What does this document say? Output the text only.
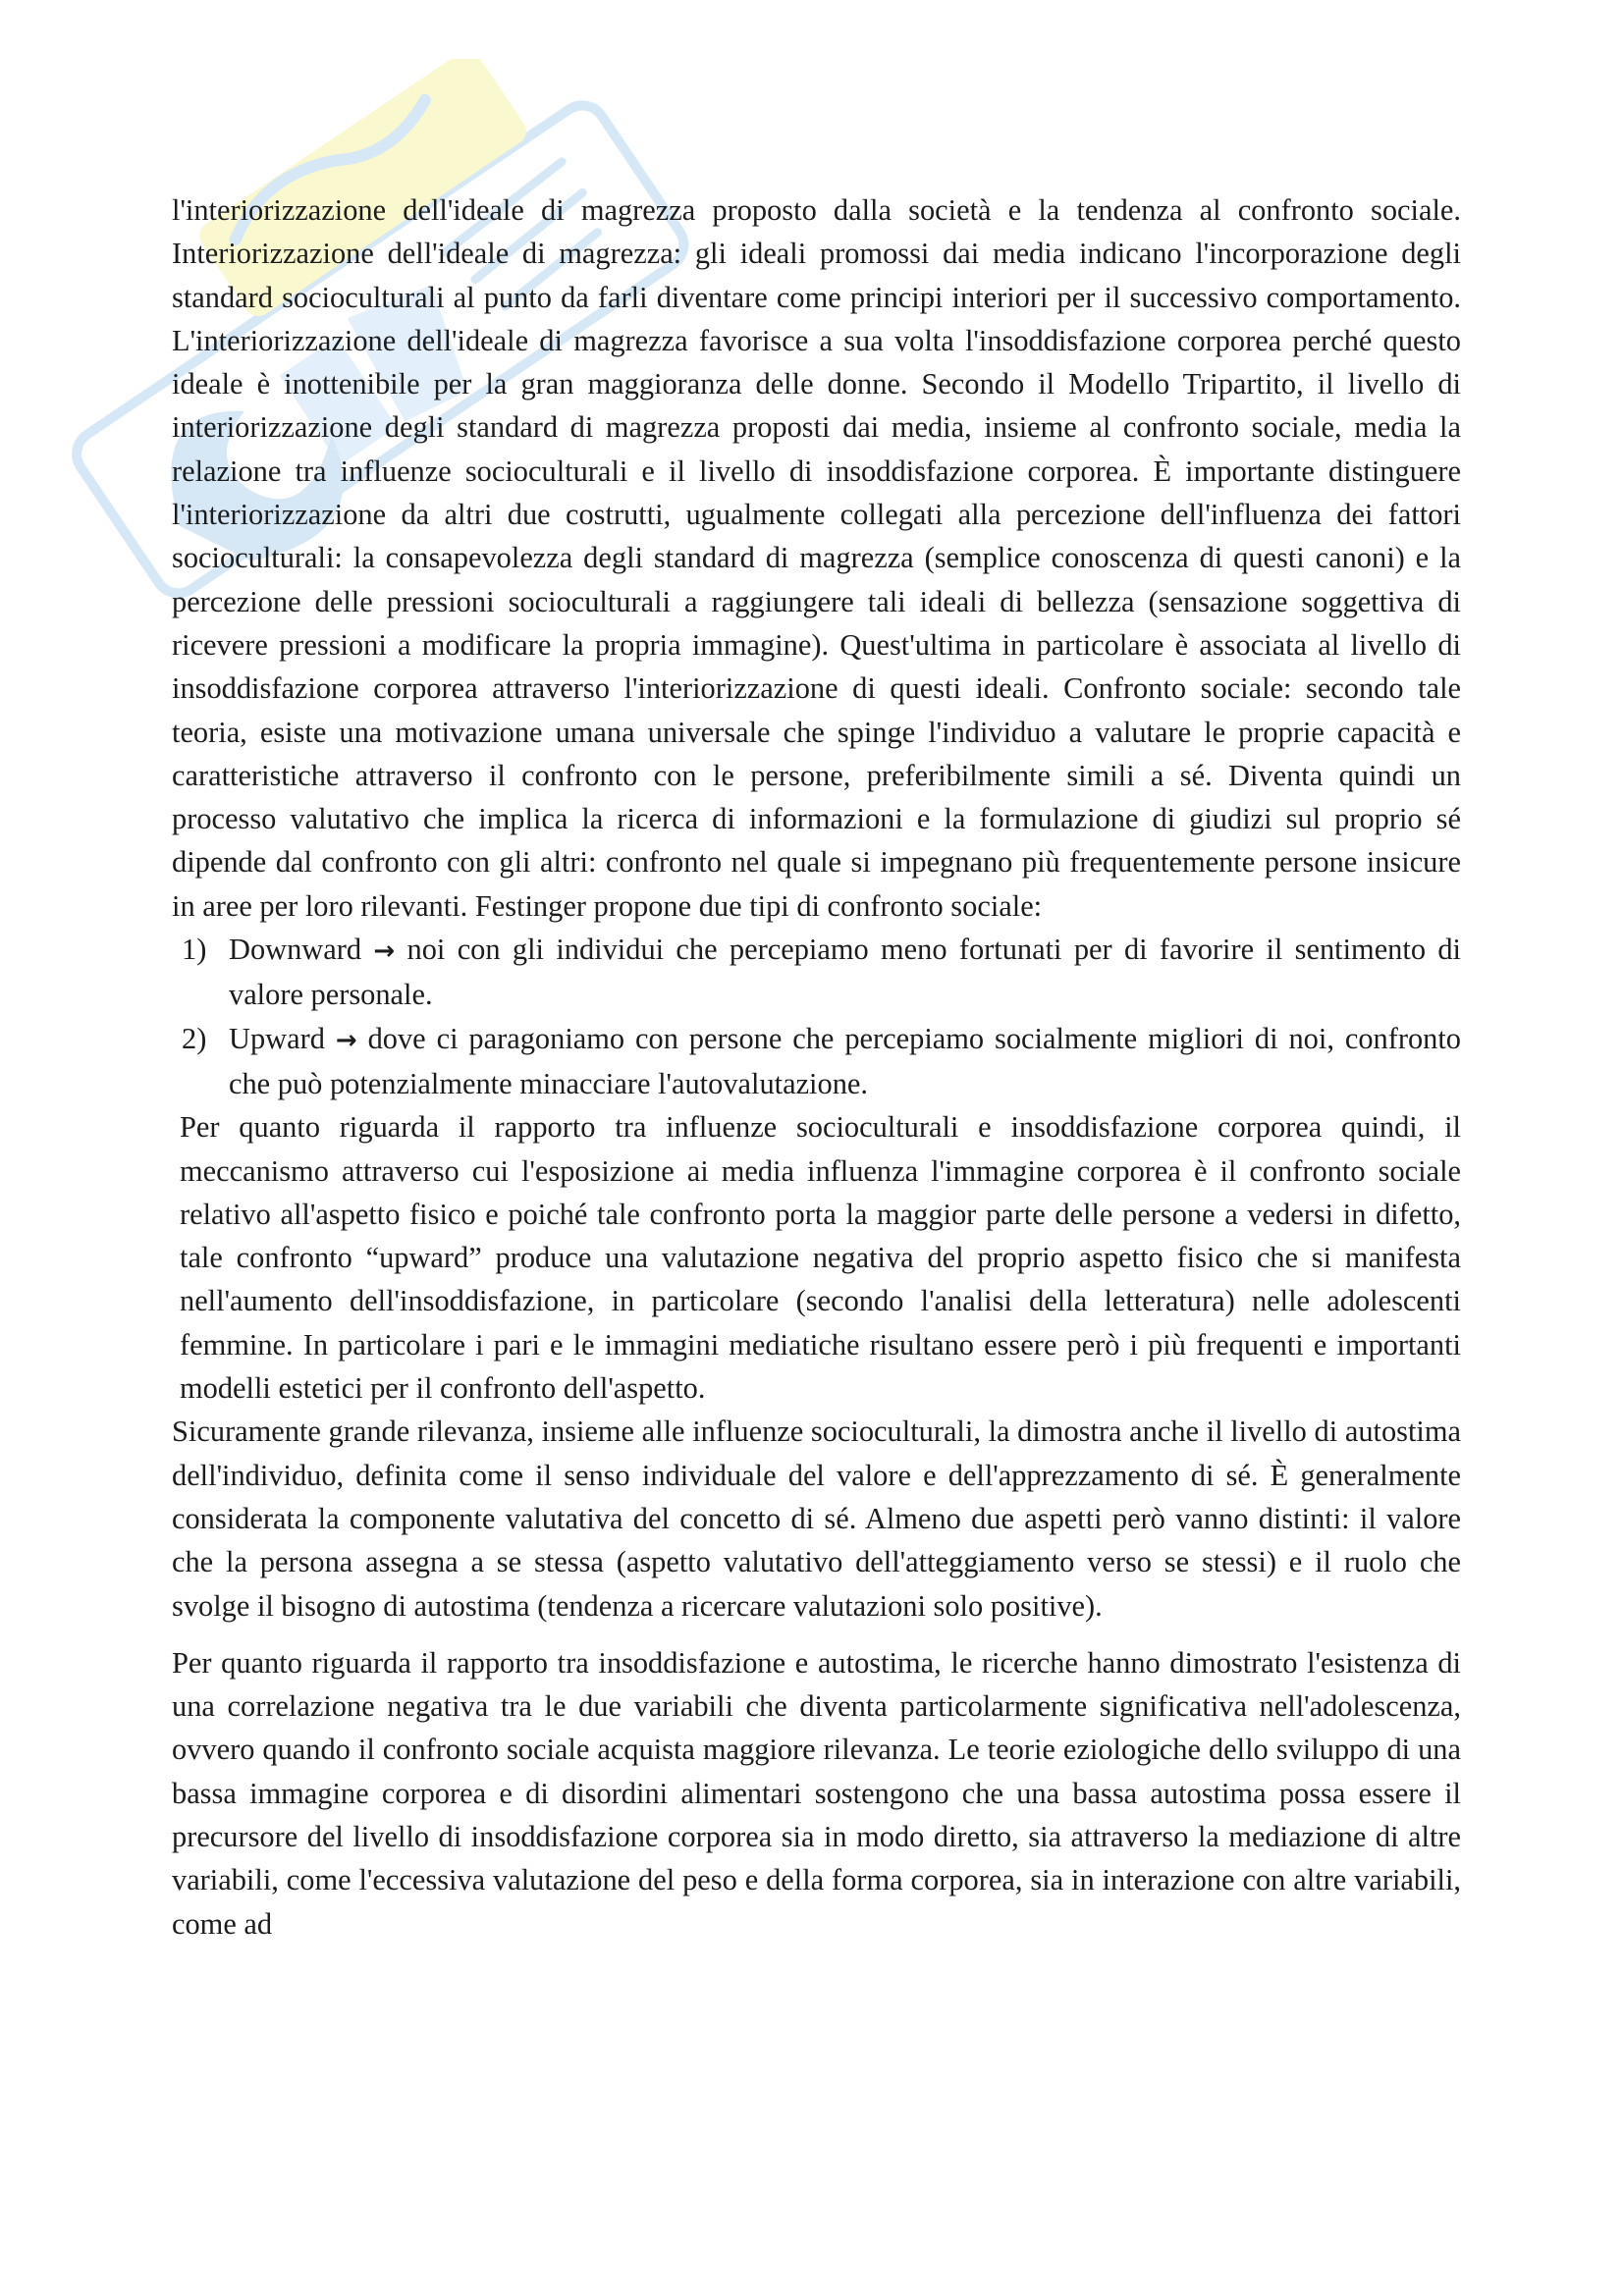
l'interiorizzazione dell'ideale di magrezza proposto dalla società e la tendenza al confronto sociale. Interiorizzazione dell'ideale di magrezza: gli ideali promossi dai media indicano l'incorporazione degli standard socioculturali al punto da farli diventare come principi interiori per il successivo comportamento. L'interiorizzazione dell'ideale di magrezza favorisce a sua volta l'insoddisfazione corporea perché questo ideale è inottenibile per la gran maggioranza delle donne. Secondo il Modello Tripartito, il livello di interiorizzazione degli standard di magrezza proposti dai media, insieme al confronto sociale, media la relazione tra influenze socioculturali e il livello di insoddisfazione corporea. È importante distinguere l'interiorizzazione da altri due costrutti, ugualmente collegati alla percezione dell'influenza dei fattori socioculturali: la consapevolezza degli standard di magrezza (semplice conoscenza di questi canoni) e la percezione delle pressioni socioculturali a raggiungere tali ideali di bellezza (sensazione soggettiva di ricevere pressioni a modificare la propria immagine). Quest'ultima in particolare è associata al livello di insoddisfazione corporea attraverso l'interiorizzazione di questi ideali. Confronto sociale: secondo tale teoria, esiste una motivazione umana universale che spinge l'individuo a valutare le proprie capacità e caratteristiche attraverso il confronto con le persone, preferibilmente simili a sé. Diventa quindi un processo valutativo che implica la ricerca di informazioni e la formulazione di giudizi sul proprio sé dipende dal confronto con gli altri: confronto nel quale si impegnano più frequentemente persone insicure in aree per loro rilevanti. Festinger propone due tipi di confronto sociale:

1) Downward → noi con gli individui che percepiamo meno fortunati per di favorire il sentimento di valore personale.
2) Upward → dove ci paragoniamo con persone che percepiamo socialmente migliori di noi, confronto che può potenzialmente minacciare l'autovalutazione.

Per quanto riguarda il rapporto tra influenze socioculturali e insoddisfazione corporea quindi, il meccanismo attraverso cui l'esposizione ai media influenza l'immagine corporea è il confronto sociale relativo all'aspetto fisico e poiché tale confronto porta la maggior parte delle persone a vedersi in difetto, tale confronto “upward” produce una valutazione negativa del proprio aspetto fisico che si manifesta nell'aumento dell'insoddisfazione, in particolare (secondo l'analisi della letteratura) nelle adolescenti femmine. In particolare i pari e le immagini mediatiche risultano essere però i più frequenti e importanti modelli estetici per il confronto dell'aspetto.

Sicuramente grande rilevanza, insieme alle influenze socioculturali, la dimostra anche il livello di autostima dell'individuo, definita come il senso individuale del valore e dell'apprezzamento di sé. È generalmente considerata la componente valutativa del concetto di sé. Almeno due aspetti però vanno distinti: il valore che la persona assegna a se stessa (aspetto valutativo dell'atteggiamento verso se stessi) e il ruolo che svolge il bisogno di autostima (tendenza a ricercare valutazioni solo positive).

Per quanto riguarda il rapporto tra insoddisfazione e autostima, le ricerche hanno dimostrato l'esistenza di una correlazione negativa tra le due variabili che diventa particolarmente significativa nell'adolescenza, ovvero quando il confronto sociale acquista maggiore rilevanza. Le teorie eziologiche dello sviluppo di una bassa immagine corporea e di disordini alimentari sostengono che una bassa autostima possa essere il precursore del livello di insoddisfazione corporea sia in modo diretto, sia attraverso la mediazione di altre variabili, come l'eccessiva valutazione del peso e della forma corporea, sia in interazione con altre variabili, come ad
